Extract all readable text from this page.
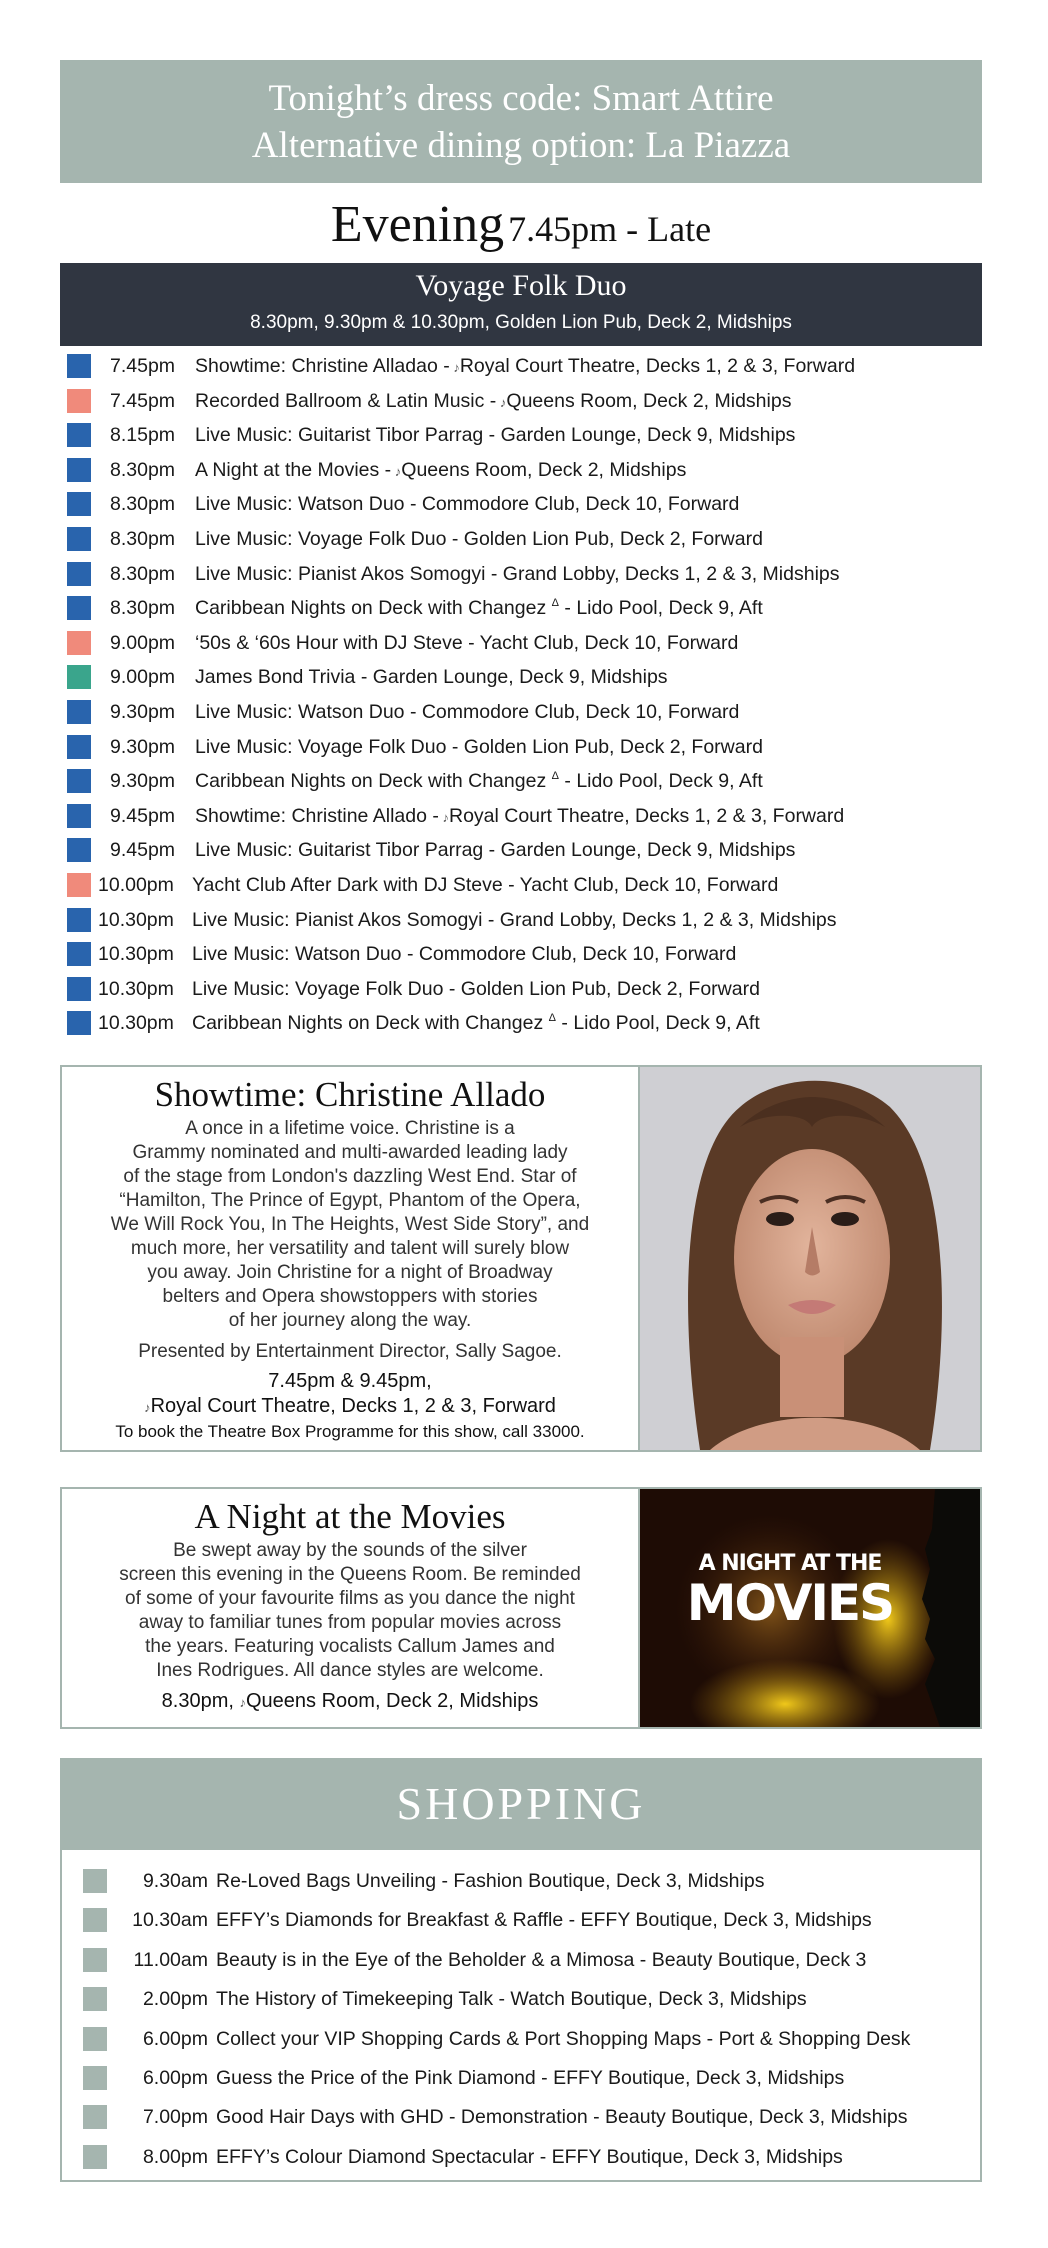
Tonight’s dress code: Smart Attire
Alternative dining option: La Piazza
Evening 7.45pm - Late
Voyage Folk Duo
8.30pm, 9.30pm & 10.30pm, Golden Lion Pub, Deck 2, Midships
7.45pm Showtime: Christine Alladao - ♪Royal Court Theatre, Decks 1, 2 & 3, Forward
7.45pm Recorded Ballroom & Latin Music - ♪Queens Room, Deck 2, Midships
8.15pm Live Music: Guitarist Tibor Parrag - Garden Lounge, Deck 9, Midships
8.30pm A Night at the Movies - ♪Queens Room, Deck 2, Midships
8.30pm Live Music: Watson Duo - Commodore Club, Deck 10, Forward
8.30pm Live Music: Voyage Folk Duo - Golden Lion Pub, Deck 2, Forward
8.30pm Live Music: Pianist Akos Somogyi - Grand Lobby, Decks 1, 2 & 3, Midships
8.30pm Caribbean Nights on Deck with Changez $^\Delta$ - Lido Pool, Deck 9, Aft
9.00pm ‘50s & ‘60s Hour with DJ Steve - Yacht Club, Deck 10, Forward
9.00pm James Bond Trivia - Garden Lounge, Deck 9, Midships
9.30pm Live Music: Watson Duo - Commodore Club, Deck 10, Forward
9.30pm Live Music: Voyage Folk Duo - Golden Lion Pub, Deck 2, Forward
9.30pm Caribbean Nights on Deck with Changez $^\Delta$ - Lido Pool, Deck 9, Aft
9.45pm Showtime: Christine Allado - ♪Royal Court Theatre, Decks 1, 2 & 3, Forward
9.45pm Live Music: Guitarist Tibor Parrag - Garden Lounge, Deck 9, Midships
10.00pm Yacht Club After Dark with DJ Steve - Yacht Club, Deck 10, Forward
10.30pm Live Music: Pianist Akos Somogyi - Grand Lobby, Decks 1, 2 & 3, Midships
10.30pm Live Music: Watson Duo - Commodore Club, Deck 10, Forward
10.30pm Live Music: Voyage Folk Duo - Golden Lion Pub, Deck 2, Forward
10.30pm Caribbean Nights on Deck with Changez $^\Delta$ - Lido Pool, Deck 9, Aft
Showtime: Christine Allado
A once in a lifetime voice. Christine is a
Grammy nominated and multi-awarded leading lady
of the stage from London's dazzling West End. Star of
“Hamilton, The Prince of Egypt, Phantom of the Opera,
We Will Rock You, In The Heights, West Side Story”, and
much more, her versatility and talent will surely blow
you away. Join Christine for a night of Broadway
belters and Opera showstoppers with stories
of her journey along the way.
Presented by Entertainment Director, Sally Sagoe.
7.45pm & 9.45pm,
♪Royal Court Theatre, Decks 1, 2 & 3, Forward
To book the Theatre Box Programme for this show, call 33000.
A Night at the Movies
Be swept away by the sounds of the silver
screen this evening in the Queens Room. Be reminded
of some of your favourite films as you dance the night
away to familiar tunes from popular movies across
the years. Featuring vocalists Callum James and
Ines Rodrigues. All dance styles are welcome.
8.30pm, ♪Queens Room, Deck 2, Midships
A NIGHT AT THE
MOVIES
SHOPPING
9.30am Re-Loved Bags Unveiling - Fashion Boutique, Deck 3, Midships
10.30am EFFY’s Diamonds for Breakfast & Raffle - EFFY Boutique, Deck 3, Midships
11.00am Beauty is in the Eye of the Beholder & a Mimosa - Beauty Boutique, Deck 3
2.00pm The History of Timekeeping Talk - Watch Boutique, Deck 3, Midships
6.00pm Collect your VIP Shopping Cards & Port Shopping Maps - Port & Shopping Desk
6.00pm Guess the Price of the Pink Diamond - EFFY Boutique, Deck 3, Midships
7.00pm Good Hair Days with GHD - Demonstration - Beauty Boutique, Deck 3, Midships
8.00pm EFFY’s Colour Diamond Spectacular - EFFY Boutique, Deck 3, Midships
